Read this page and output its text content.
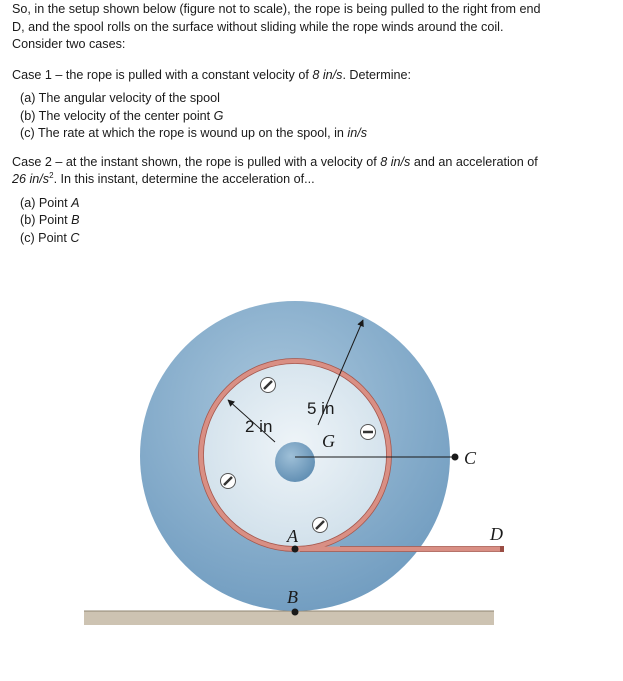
So, in the setup shown below (figure not to scale), the rope is being pulled to the right from end
D, and the spool rolls on the surface without sliding while the rope winds around the coil.
Consider two cases:

Case 1 – the rope is pulled with a constant velocity of 8 in/s. Determine:

(a) The angular velocity of the spool
(b) The velocity of the center point G
(c) The rate at which the rope is wound up on the spool, in in/s

Case 2 – at the instant shown, the rope is pulled with a velocity of 8 in/s and an acceleration of
26 $in/s^2$. In this instant, determine the acceleration of...

(a) Point A
(b) Point B
(c) Point C
5 in
2 in
G
A
B
C
D
